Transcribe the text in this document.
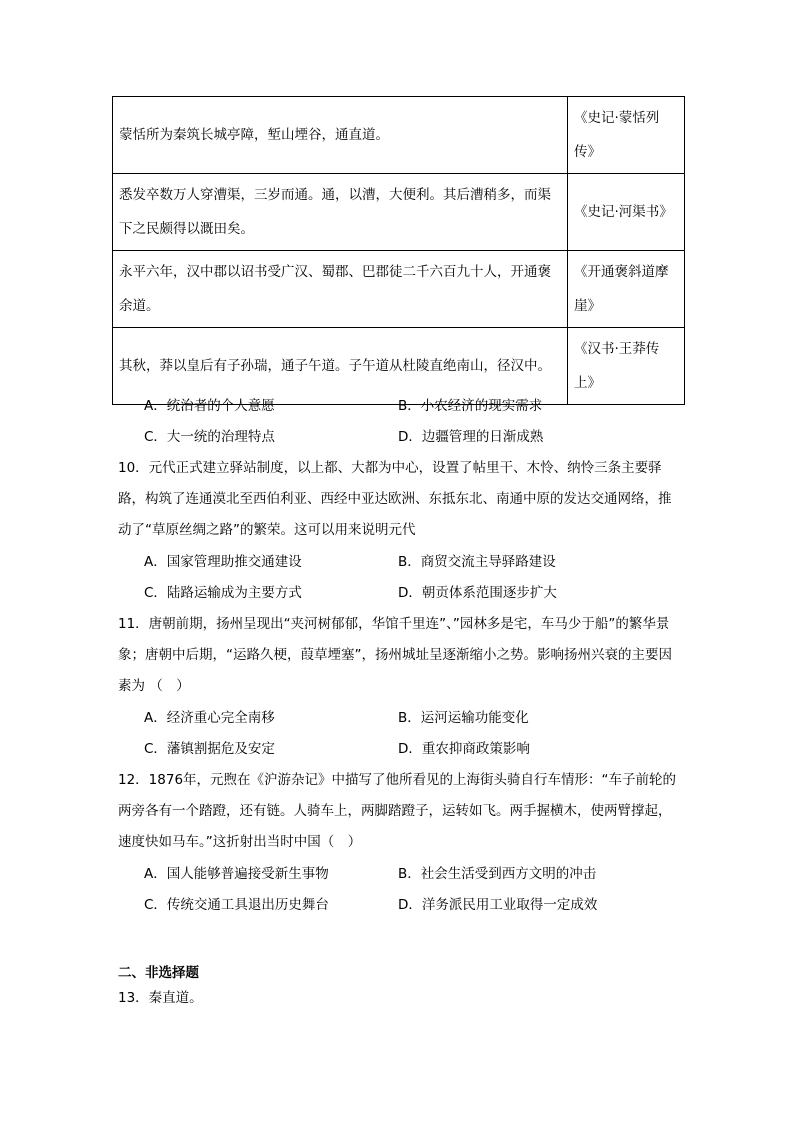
蒙恬所为秦筑长城亭障，堑山堙谷，通直道。	《史记·蒙恬列传》
悉发卒数万人穿漕渠，三岁而通。通，以漕，大便利。其后漕稍多，而渠下之民颇得以溉田矣。	《史记·河渠书》
永平六年，汉中郡以诏书受广汉、蜀郡、巴郡徒二千六百九十人，开通褒余道。	《开通褒斜道摩崖》
其秋，莽以皇后有子孙瑞，通子午道。子午道从杜陵直绝南山，径汉中。	《汉书·王莽传上》
A．统治者的个人意愿	B．小农经济的现实需求
C．大一统的治理特点	D．边疆管理的日渐成熟
10．元代正式建立驿站制度，以上都、大都为中心，设置了帖里干、木怜、纳怜三条主要驿路，构筑了连通漠北至西伯利亚、西经中亚达欧洲、东抵东北、南通中原的发达交通网络，推动了“草原丝绸之路”的繁荣。这可以用来说明元代
A．国家管理助推交通建设	B．商贸交流主导驿路建设
C．陆路运输成为主要方式	D．朝贡体系范围逐步扩大
11．唐朝前期，扬州呈现出“夹河树郁郁，华馆千里连”、”园林多是宅，车马少于船”的繁华景象；唐朝中后期，“运路久梗，葭草堙塞”，扬州城址呈逐渐缩小之势。影响扬州兴衰的主要因素为 （　）
A．经济重心完全南移	B．运河运输功能变化
C．藩镇割据危及安定	D．重农抑商政策影响
12．1876年，元煦在《沪游杂记》中描写了他所看见的上海街头骑自行车情形：“车子前轮的两旁各有一个踏蹬，还有链。人骑车上，两脚踏蹬子，运转如飞。两手握横木，使两臂撑起，速度快如马车。”这折射出当时中国（　）
A．国人能够普遍接受新生事物	B．社会生活受到西方文明的冲击
C．传统交通工具退出历史舞台	D．洋务派民用工业取得一定成效
二、非选择题
13．秦直道。
